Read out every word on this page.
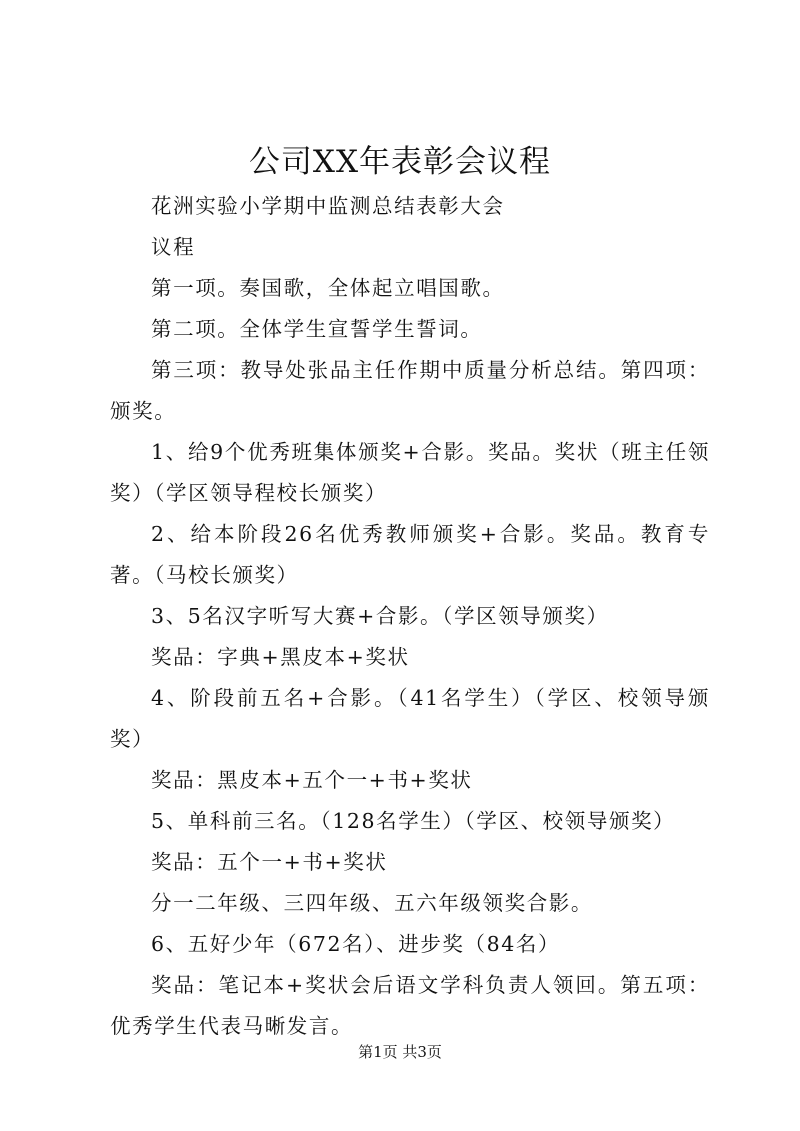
公司XX年表彰会议程

花洲实验小学期中监测总结表彰大会

议程

第一项。奏国歌，全体起立唱国歌。

第二项。全体学生宣誓学生誓词。

第三项：教导处张品主任作期中质量分析总结。第四项：颁奖。

1、给9个优秀班集体颁奖+合影。奖品。奖状（班主任领奖）（学区领导程校长颁奖）

2、给本阶段26名优秀教师颁奖+合影。奖品。教育专著。（马校长颁奖）

3、5名汉字听写大赛+合影。（学区领导颁奖）

奖品：字典+黑皮本+奖状

4、阶段前五名+合影。（41名学生）（学区、校领导颁奖）

奖品：黑皮本+五个一+书+奖状

5、单科前三名。（128名学生）（学区、校领导颁奖）

奖品：五个一+书+奖状

分一二年级、三四年级、五六年级领奖合影。

6、五好少年（672名）、进步奖（84名）

奖品：笔记本+奖状会后语文学科负责人领回。第五项：优秀学生代表马晰发言。

第1页 共3页
